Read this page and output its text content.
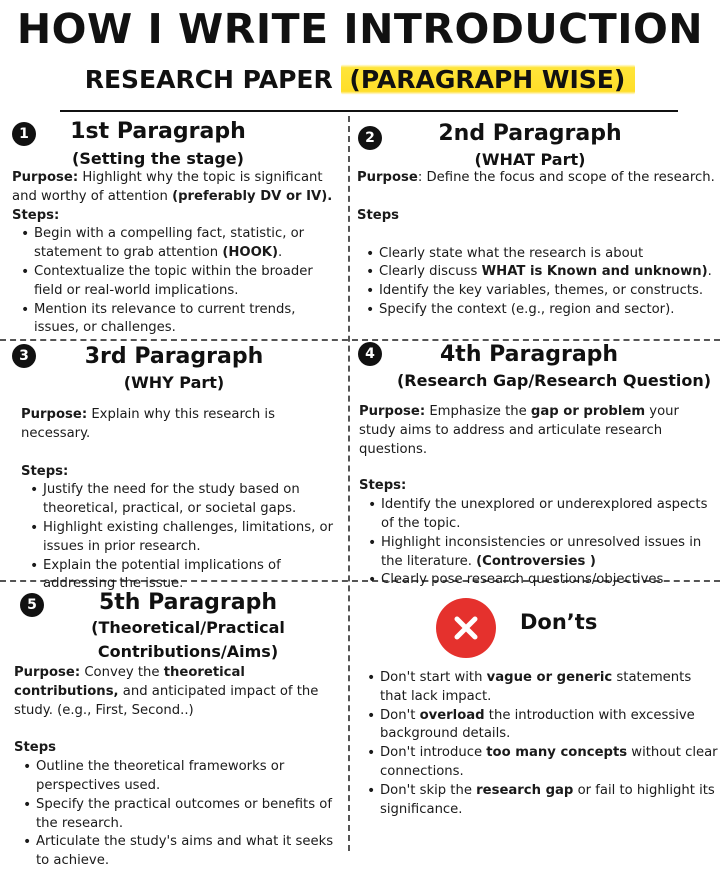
HOW I WRITE INTRODUCTION
RESEARCH PAPER (PARAGRAPH WISE)
1	1st Paragraph
(Setting the stage)
Purpose: Highlight why the topic is significant and worthy of attention (preferably DV or IV).
Steps:
• Begin with a compelling fact, statistic, or statement to grab attention (HOOK).
• Contextualize the topic within the broader field or real-world implications.
• Mention its relevance to current trends, issues, or challenges.
2	2nd Paragraph
(WHAT Part)
Purpose: Define the focus and scope of the research.
Steps
• Clearly state what the research is about
• Clearly discuss WHAT is Known and unknown).
• Identify the key variables, themes, or constructs.
• Specify the context (e.g., region and sector).
3	3rd Paragraph
(WHY Part)
Purpose: Explain why this research is necessary.
Steps:
• Justify the need for the study based on theoretical, practical, or societal gaps.
• Highlight existing challenges, limitations, or issues in prior research.
• Explain the potential implications of addressing the issue.
4	4th Paragraph
(Research Gap/Research Question)
Purpose: Emphasize the gap or problem your study aims to address and articulate research questions.
Steps:
• Identify the unexplored or underexplored aspects of the topic.
• Highlight inconsistencies or unresolved issues in the literature. (Controversies )
• Clearly pose research questions/objectives
5	5th Paragraph
(Theoretical/Practical
Contributions/Aims)
Purpose: Convey the theoretical contributions, and anticipated impact of the study. (e.g., First, Second..)
Steps
• Outline the theoretical frameworks or perspectives used.
• Specify the practical outcomes or benefits of the research.
• Articulate the study's aims and what it seeks to achieve.
Don’ts
• Don't start with vague or generic statements that lack impact.
• Don't overload the introduction with excessive background details.
• Don't introduce too many concepts without clear connections.
• Don't skip the research gap or fail to highlight its significance.
